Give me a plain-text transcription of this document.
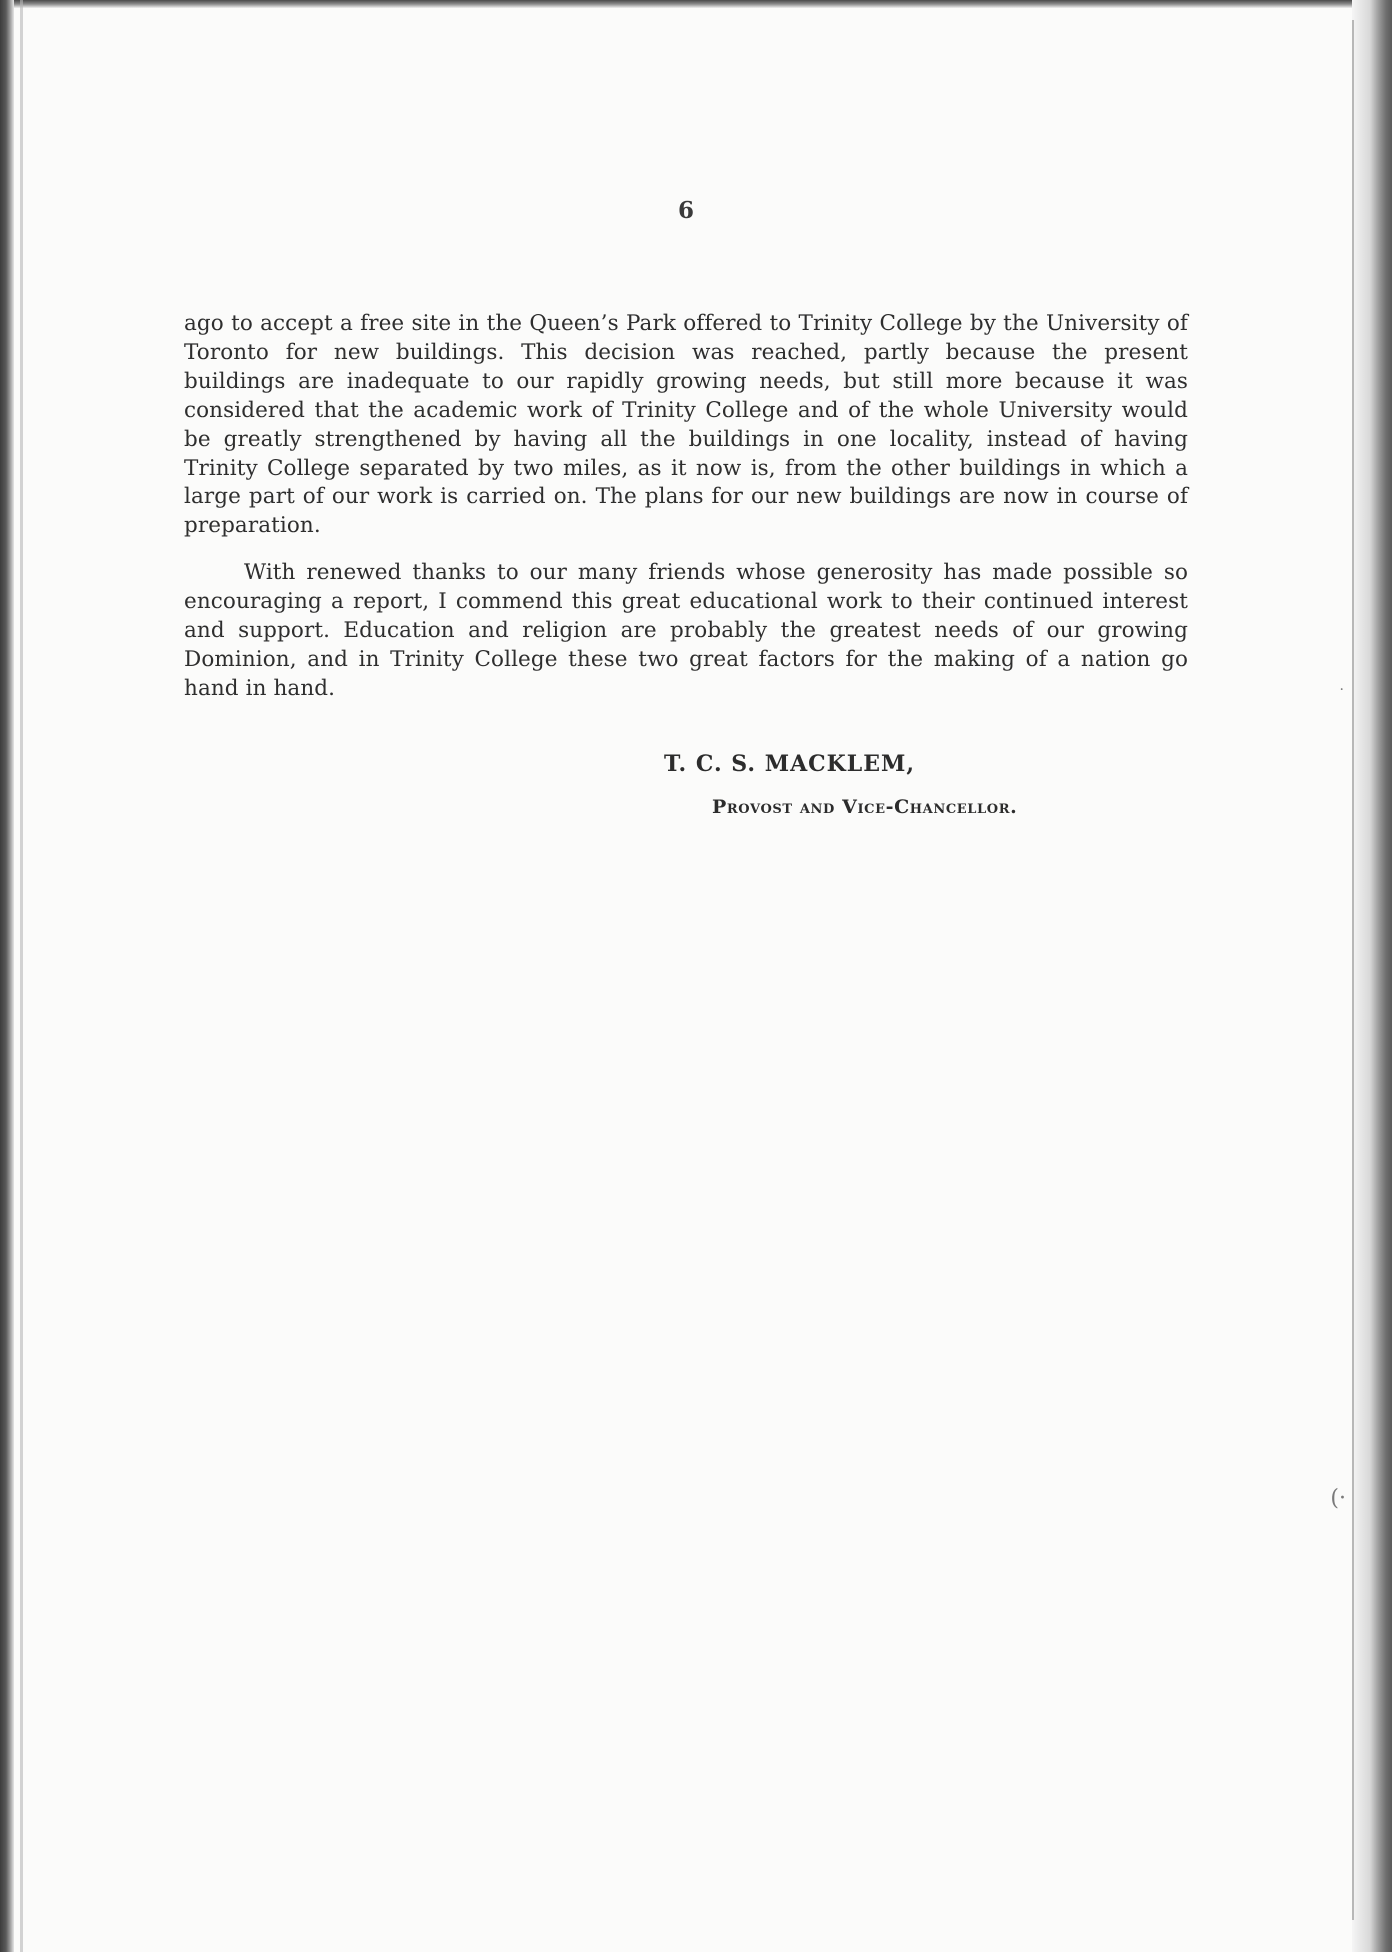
6

ago to accept a free site in the Queen’s Park offered to Trinity College by the University of Toronto for new buildings. This decision was reached, partly because the present buildings are inadequate to our rapidly growing needs, but still more because it was considered that the academic work of Trinity College and of the whole University would be greatly strengthened by having all the buildings in one locality, instead of having Trinity College separated by two miles, as it now is, from the other buildings in which a large part of our work is carried on. The plans for our new buildings are now in course of preparation.

With renewed thanks to our many friends whose generosity has made possible so encouraging a report, I commend this great educational work to their continued interest and support. Education and religion are probably the greatest needs of our growing Dominion, and in Trinity College these two great factors for the making of a nation go hand in hand.

T. C. S. MACKLEM,
Provost and Vice-Chancellor.
·
(·
